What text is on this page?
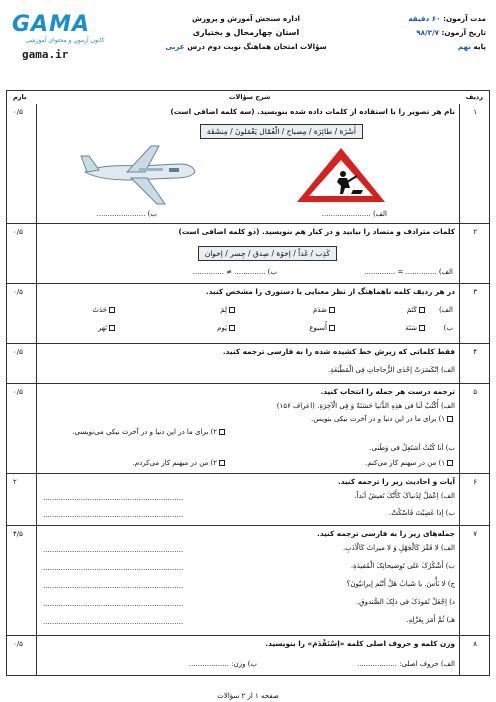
GAMA
کانون آزمون و محتوای آموزشی
gama.ir
اداره سنجش آموزش و پرورش
استان چهارمحال و بختیاری
سؤالات امتحان هماهنگ نوبت دوم درس عربی
مدت آزمون: ۶۰ دقیقه
تاریخ آزمون: ۹۸/۳/۷
پایه نهم
بارم	شرح سؤالات	ردیف
۰/۵	۱
نام هر تصویر را با استفاده از کلمات داده شده بنویسید. (سه کلمه اضافی است)
أُسْرَة / طائِرَة / مِصباح / الْعُمّال یَعْمَلونَ / مِنشَفَة
الف) ......................
ب) ......................
۰/۵	۲
کلمات مترادف و متضاد را بیابید و در کنار هم بنویسید. (دو کلمه اضافی است)
کَذِب / غَداً / إخوَة / صِدق / جِسر / إخوان
الف) .............. = ..............
ب) .............. ≠ ..............
۰/۵	۳
در هر ردیف کلمه ناهماهنگ از نظر معنایی یا دستوری را مشخص کنید.
الف)
کَتَمَ
صَدَمَ
لِمَ
حَدَثَ
ب)
سَنَة
أُسبوع
یَوم
نَهر
۰/۵	۴
فقط کلماتی که زیرش خط کشیده شده را به فارسی ترجمه کنید.
الف) اِنْکَسَرَتْ إحْدَی الزُّجاجاتِ فِی الْمَطْبَعَةِ.
۰/۵	۵
ترجمه درست هر جمله را انتخاب کنید.
الف) أُکْتُبْ لَنا فی هذِهِ الدُّنیا حَسَنَةً وَ فِی الْآخِرَةِ. (اعراف ۱۵۶)
۱) برای ما در این دنیا و در آخرت نیکی بنویس.
۲) برای ما در این دنیا و در آخرت نیکی می‌نویسی.
ب) أنا کُنْتُ أشتَغِلُ فی وَطَنی.
۱) من در میهنم کار می‌کنم.
۲) من در میهنم کار می‌کردم.
۲	۶
آیات و احادیث زیر را ترجمه کنید.
الف) اِعْمَلْ لِدُنیاکَ کَأَنَّکَ تَعیشُ أبَداً.
...............................................................
ب) إذا غَضِبْتَ فَاسْکُتْ.
...............................................................
۴/۵	۷
جمله‌های زیر را به فارسی ترجمه کنید.
الف) لا فَقْرَ کَالْجَهْلِ وَ لا میراثَ کَالْأدَبِ.
...............................................................
ب) أَشْکُرُکَ عَلی تَوضیحاتِکَ الْمُفیدَةِ.
...............................................................
ج) لا بَأْسَ. یا شَبابُ هَلْ أَنْتُم إیرانیّونَ؟
...............................................................
د) اِجْعَلْ نُقودَکَ فی ذلِکَ الصُّندوقِ.
...............................................................
هـ) ثُمَّ أَمَرَ بِعَزْلِهِ.
...............................................................
۰/۵	۸
وزن کلمه و حروف اصلی کلمه «اِسْتَقْدَمَ» را بنویسید.
الف) حروف اصلی: ..................
ب) وزن: ..................
صفحه ۱ از ۲ سؤالات
